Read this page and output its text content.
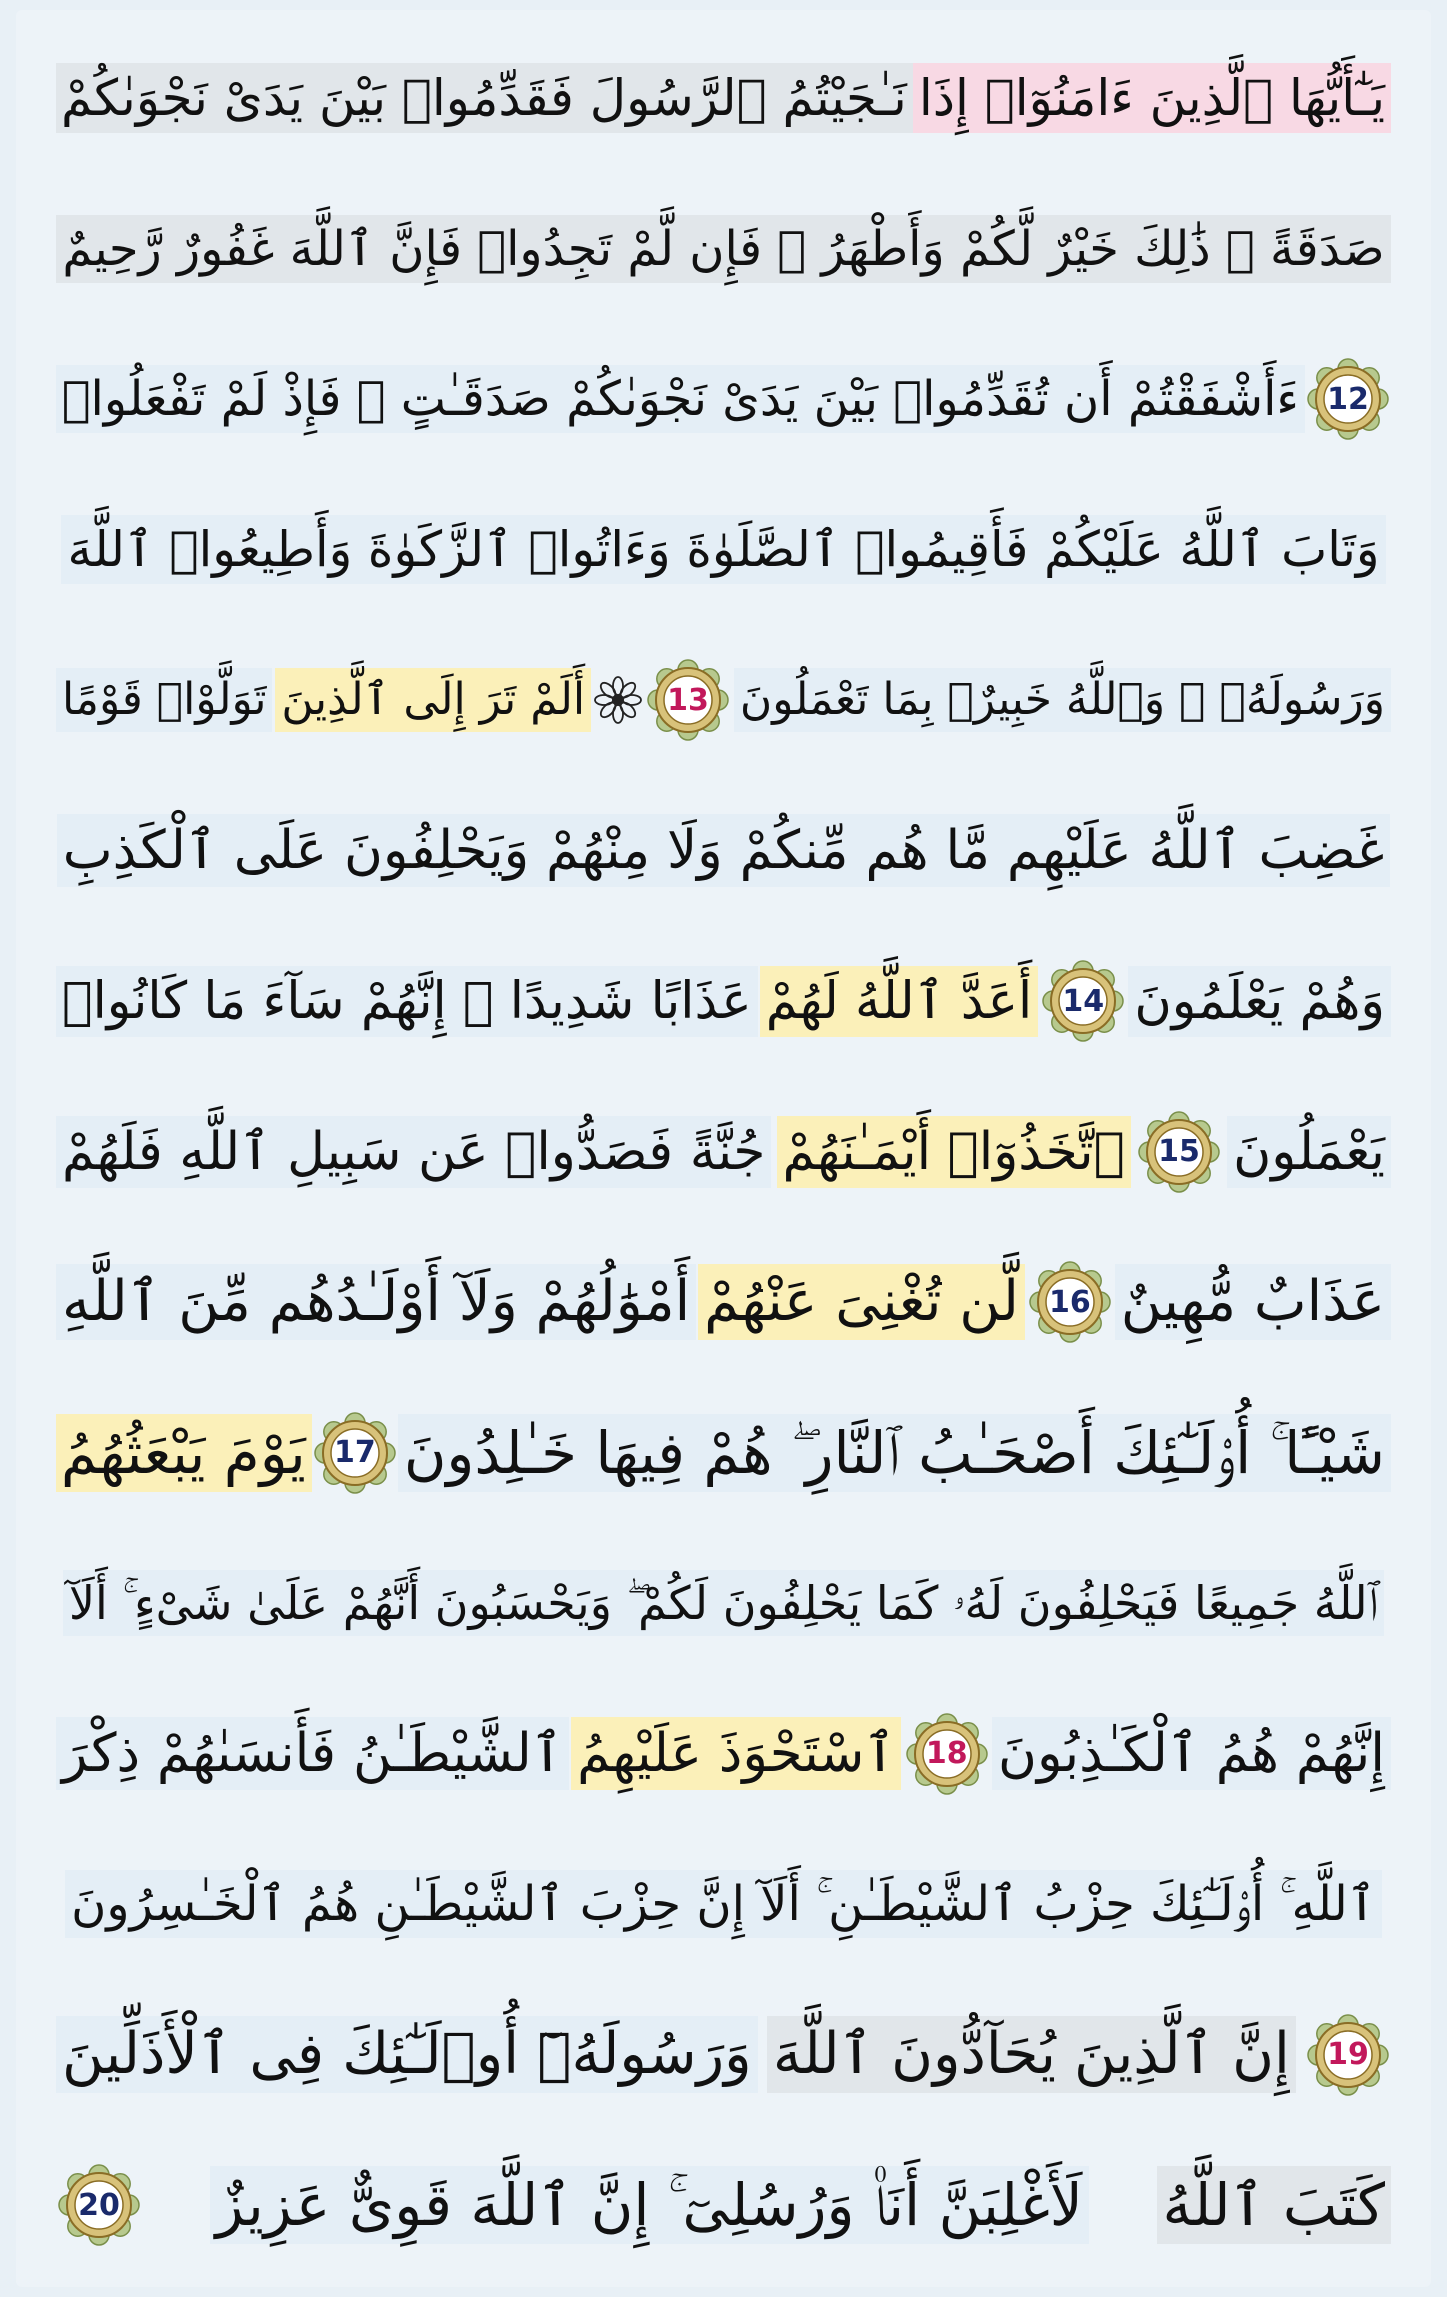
يَـٰٓأَيُّهَا ٱلَّذِينَ ءَامَنُوٓا۟ إِذَا
نَـٰجَيْتُمُ ٱلرَّسُولَ فَقَدِّمُوا۟ بَيْنَ يَدَىْ نَجْوَىٰكُمْ
صَدَقَةً ۚ ذَٰلِكَ خَيْرٌ لَّكُمْ وَأَطْهَرُ ۚ فَإِن لَّمْ تَجِدُوا۟ فَإِنَّ ٱللَّهَ غَفُورٌ رَّحِيمٌ
12
ءَأَشْفَقْتُمْ أَن تُقَدِّمُوا۟ بَيْنَ يَدَىْ نَجْوَىٰكُمْ صَدَقَـٰتٍ ۚ فَإِذْ لَمْ تَفْعَلُوا۟
وَتَابَ ٱللَّهُ عَلَيْكُمْ فَأَقِيمُوا۟ ٱلصَّلَوٰةَ وَءَاتُوا۟ ٱلزَّكَوٰةَ وَأَطِيعُوا۟ ٱللَّهَ
وَرَسُولَهُۥ ۚ وَٱللَّهُ خَبِيرٌۢ بِمَا تَعْمَلُونَ
13
أَلَمْ تَرَ إِلَى ٱلَّذِينَ
تَوَلَّوْا۟ قَوْمًا
غَضِبَ ٱللَّهُ عَلَيْهِم مَّا هُم مِّنكُمْ وَلَا مِنْهُمْ وَيَحْلِفُونَ عَلَى ٱلْكَذِبِ
وَهُمْ يَعْلَمُونَ
14
أَعَدَّ ٱللَّهُ لَهُمْ
عَذَابًا شَدِيدًا ۖ إِنَّهُمْ سَآءَ مَا كَانُوا۟
يَعْمَلُونَ
15
ٱتَّخَذُوٓا۟ أَيْمَـٰنَهُمْ
جُنَّةً فَصَدُّوا۟ عَن سَبِيلِ ٱللَّهِ فَلَهُمْ
عَذَابٌ مُّهِينٌ
16
لَّن تُغْنِىَ عَنْهُمْ
أَمْوَٰلُهُمْ وَلَآ أَوْلَـٰدُهُم مِّنَ ٱللَّهِ
شَيْـًٔا ۚ أُو۟لَـٰٓئِكَ أَصْحَـٰبُ ٱلنَّارِ ۖ هُمْ فِيهَا خَـٰلِدُونَ
17
يَوْمَ يَبْعَثُهُمُ
ٱللَّهُ جَمِيعًا فَيَحْلِفُونَ لَهُۥ كَمَا يَحْلِفُونَ لَكُمْ ۖ وَيَحْسَبُونَ أَنَّهُمْ عَلَىٰ شَىْءٍ ۚ أَلَآ
إِنَّهُمْ هُمُ ٱلْكَـٰذِبُونَ
18
ٱسْتَحْوَذَ عَلَيْهِمُ
ٱلشَّيْطَـٰنُ فَأَنسَىٰهُمْ ذِكْرَ
ٱللَّهِ ۚ أُو۟لَـٰٓئِكَ حِزْبُ ٱلشَّيْطَـٰنِ ۚ أَلَآ إِنَّ حِزْبَ ٱلشَّيْطَـٰنِ هُمُ ٱلْخَـٰسِرُونَ
19
إِنَّ ٱلَّذِينَ يُحَآدُّونَ ٱللَّهَ
وَرَسُولَهُۥٓ أُو۟لَـٰٓئِكَ فِى ٱلْأَذَلِّينَ
كَتَبَ ٱللَّهُ
لَأَغْلِبَنَّ أَنَا۠ وَرُسُلِىٓ ۚ إِنَّ ٱللَّهَ قَوِىٌّ عَزِيزٌ
20
